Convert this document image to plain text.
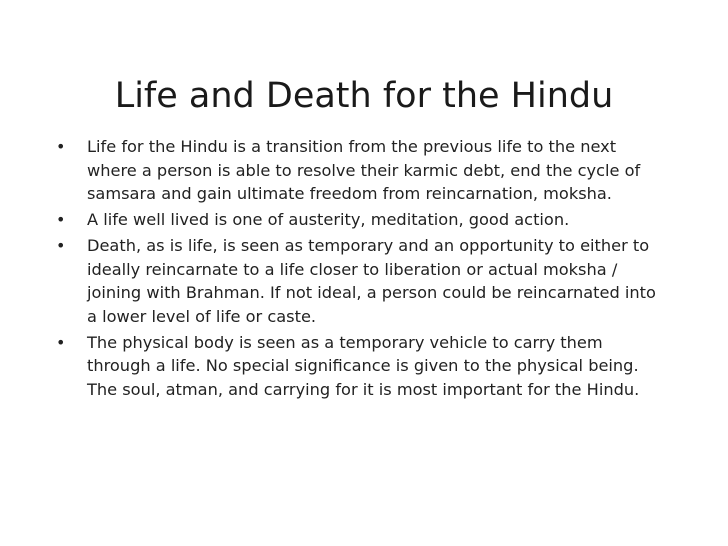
Life and Death for the Hindu
•	Life for the Hindu is a transition from the previous life to the next where a person is able to resolve their karmic debt, end the cycle of samsara and gain ultimate freedom from reincarnation, moksha.
•	A life well lived is one of austerity, meditation, good action.
•	Death, as is life, is seen as temporary and an opportunity to either to ideally reincarnate to a life closer to liberation or actual moksha / joining with Brahman. If not ideal, a person could be reincarnated into a lower level of life or caste.
•	The physical body is seen as a temporary vehicle to carry them through a life. No special significance is given to the physical being. The soul, atman, and carrying for it is most important for the Hindu.
